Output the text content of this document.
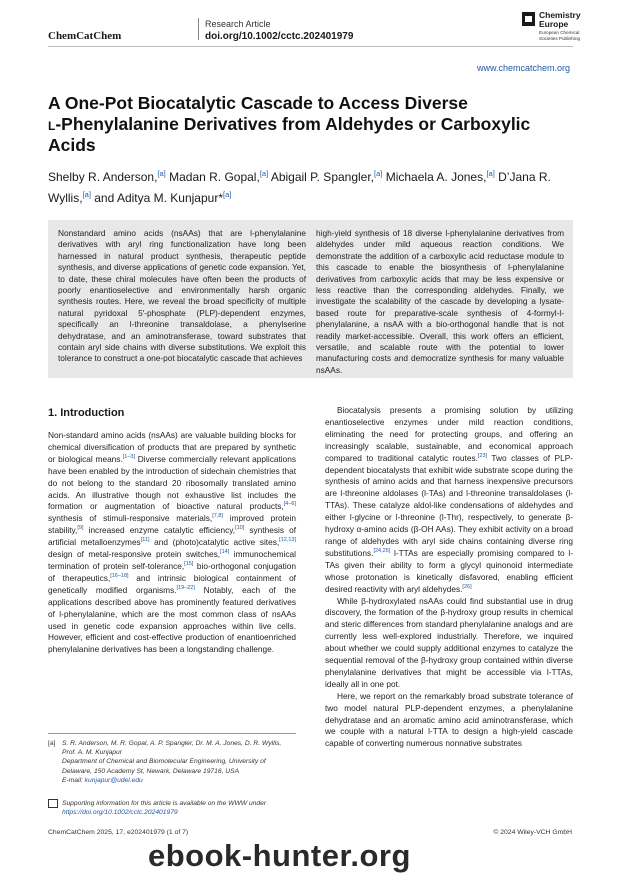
ChemCatChem
Research Article
doi.org/10.1002/cctc.202401979
Chemistry
Europe
European Chemical
Societies Publishing
www.chemcatchem.org
A One-Pot Biocatalytic Cascade to Access Diverse
l-Phenylalanine Derivatives from Aldehydes or Carboxylic
Acids
Shelby R. Anderson,[a] Madan R. Gopal,[a] Abigail P. Spangler,[a] Michaela A. Jones,[a] D’Jana R. Wyllis,[a] and Aditya M. Kunjapur*[a]
Nonstandard amino acids (nsAAs) that are l-phenylalanine derivatives with aryl ring functionalization have long been harnessed in natural product synthesis, therapeutic peptide synthesis, and diverse applications of genetic code expansion. Yet, to date, these chiral molecules have often been the products of poorly enantioselective and environmentally harsh organic synthesis routes. Here, we reveal the broad specificity of multiple natural pyridoxal 5′-phosphate (PLP)-dependent enzymes, specifically an l-threonine transaldolase, a phenylserine dehydratase, and an aminotransferase, toward substrates that contain aryl side chains with diverse substitutions. We exploit this tolerance to construct a one-pot biocatalytic cascade that achieves
high-yield synthesis of 18 diverse l-phenylalanine derivatives from aldehydes under mild aqueous reaction conditions. We demonstrate the addition of a carboxylic acid reductase module to this cascade to enable the biosynthesis of l-phenylalanine derivatives from carboxylic acids that may be less expensive or less reactive than the corresponding aldehydes. Finally, we investigate the scalability of the cascade by developing a lysate-based route for preparative-scale synthesis of 4-formyl-l-phenylalanine, a nsAA with a bio-orthogonal handle that is not readily market-accessible. Overall, this work offers an efficient, versatile, and scalable route with the potential to lower manufacturing costs and democratize synthesis for many valuable nsAAs.
1. Introduction

Non-standard amino acids (nsAAs) are valuable building blocks for chemical diversification of products that are prepared by synthetic or biological means.[1–3] Diverse commercially relevant applications have been enabled by the introduction of sidechain chemistries that do not belong to the standard 20 ribosomally translated amino acids. An illustrative though not exhaustive list includes the formation or augmentation of bioactive natural products,[4–6] synthesis of stimuli-responsive materials,[7,8] improved protein stability,[9] increased enzyme catalytic efficiency,[10] synthesis of artificial metalloenzymes[11] and (photo)catalytic active sites,[12,13] design of metal-responsive protein switches,[14] immunochemical termination of protein self-tolerance,[15] bio-orthogonal conjugation of therapeutics,[16–18] and intrinsic biological containment of genetically modified organisms.[19–22] Notably, each of the applications described above has prominently featured derivatives of l-phenylalanine, which are the most common class of nsAAs used in genetic code expansion approaches within live cells. However, efficient and cost-effective production of enantioenriched phenylalanine derivatives has been a longstanding challenge.

Biocatalysis presents a promising solution by utilizing enantioselective enzymes under mild reaction conditions, eliminating the need for protecting groups, and offering an increasingly scalable, sustainable, and economical approach compared to traditional catalytic routes.[23] Two classes of PLP-dependent biocatalysts that exhibit wide substrate scope during the synthesis of amino acids and that harness inexpensive precursors are l-threonine aldolases (l-TAs) and l-threonine transaldolases (l-TTAs). These catalyze aldol-like condensations of aldehydes and either l-glycine or l-threonine (l-Thr), respectively, to generate β-hydroxy α-amino acids (β-OH AAs). They exhibit activity on a broad range of aldehydes with aryl side chains containing diverse ring substitutions.[24,25] l-TTAs are especially promising compared to l-TAs given their ability to form a glycyl quinonoid intermediate whose protonation is kinetically disfavored, enabling efficient desired reactivity with aryl aldehydes.[26]

While β-hydroxylated nsAAs could find substantial use in drug discovery, the formation of the β-hydroxy group results in chemical and steric differences from standard phenylalanine analogs and are currently less well-explored industrially. Therefore, we inquired about whether we could supply additional enzymes to catalyze the sequential removal of the β-hydroxy group contained within diverse phenylalanine derivatives that might be accessible via l-TTAs, ideally all in one pot.

Here, we report on the remarkably broad substrate tolerance of two model natural PLP-dependent enzymes, a phenylalanine dehydratase and an aromatic amino acid aminotransferase, which we couple with a natural l-TTA to design a high-yield cascade capable of converting numerous nonnative substrates

[a] S. R. Anderson, M. R. Gopal, A. P. Spangler, Dr. M. A. Jones, D. R. Wyllis, Prof. A. M. Kunjapur
Department of Chemical and Biomolecular Engineering, University of Delaware, 150 Academy St, Newark, Delaware 19716, USA
E-mail: kunjapur@udel.edu
Supporting information for this article is available on the WWW under
https://doi.org/10.1002/cctc.202401979
ChemCatChem 2025, 17, e202401979 (1 of 7)	© 2024 Wiley-VCH GmbH
ebook-hunter.org
